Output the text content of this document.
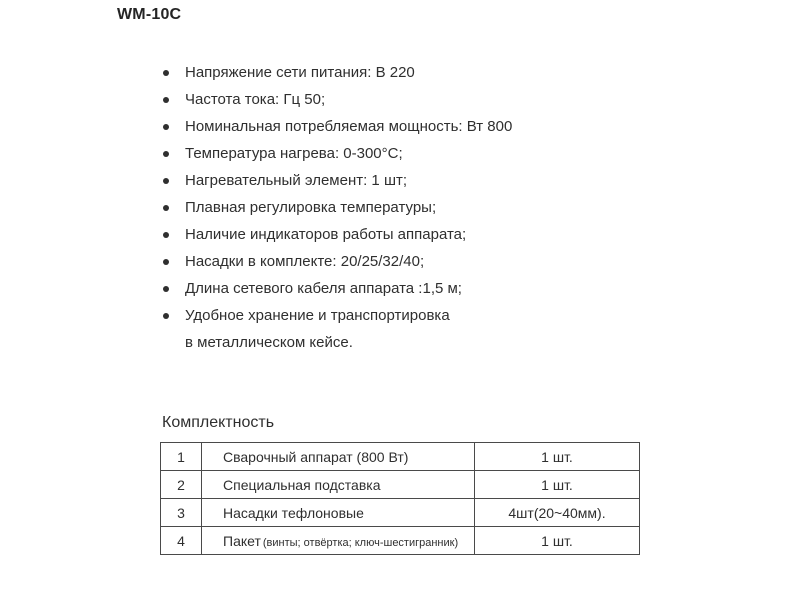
WM-10C
Напряжение сети питания: В 220
Частота тока: Гц 50;
Номинальная потребляемая мощность: Вт 800
Температура нагрева: 0-300°С;
Нагревательный элемент: 1 шт;
Плавная регулировка температуры;
Наличие индикаторов работы аппарата;
Насадки в комплекте: 20/25/32/40;
Длина сетевого кабеля аппарата :1,5 м;
Удобное хранение и транспортировка
в металлическом кейсе.
Комплектность
1	Сварочный аппарат (800 Вт)	1 шт.
2	Специальная подставка	1 шт.
3	Насадки тефлоновые	4шт(20~40мм).
4	Пакет (винты; отвёртка; ключ-шестигранник)	1 шт.
